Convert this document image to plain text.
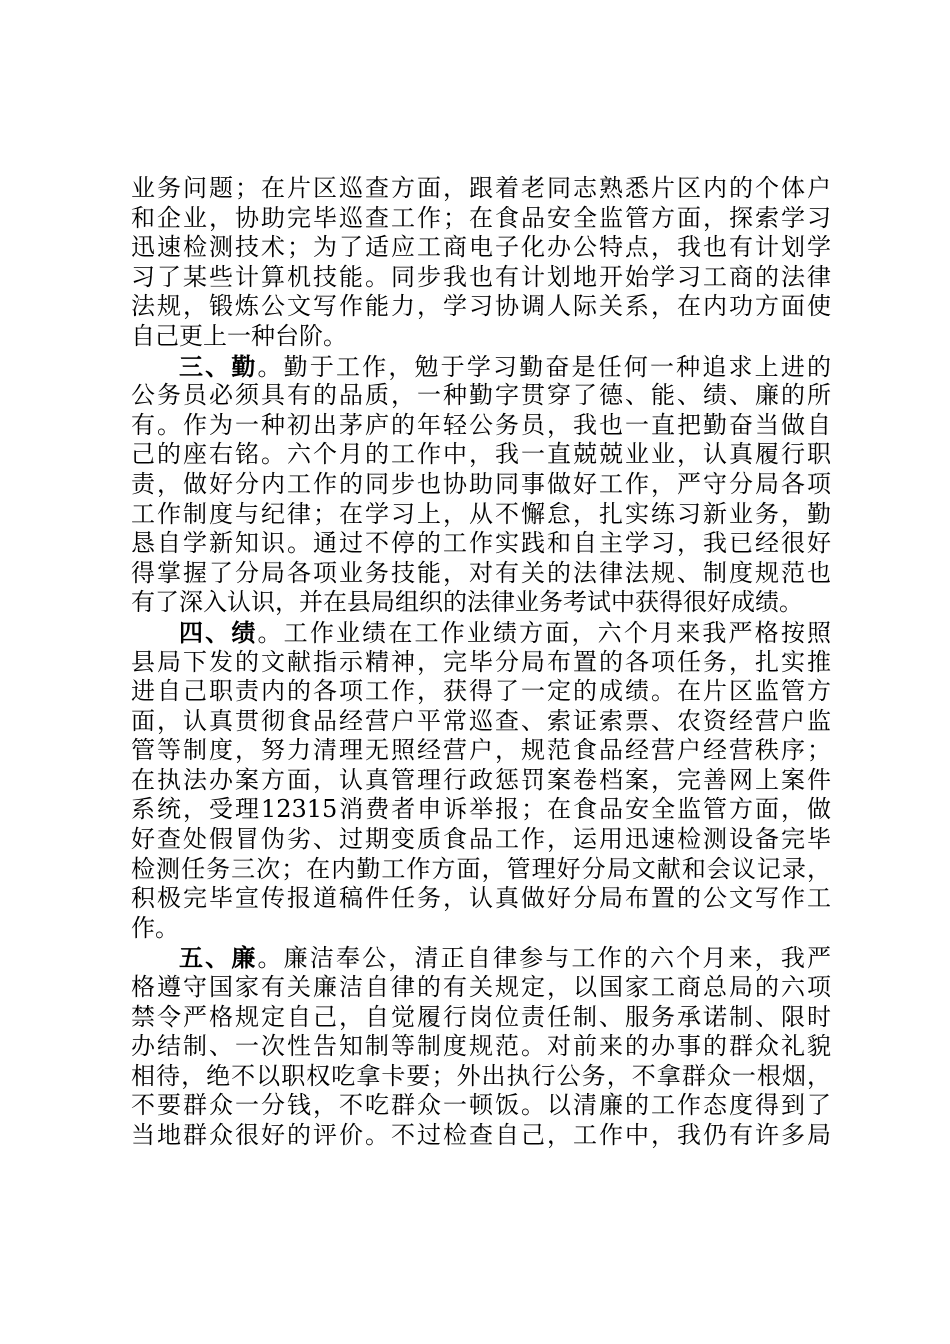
业务问题；在片区巡查方面，跟着老同志熟悉片区内的个体户
和企业，协助完毕巡查工作；在食品安全监管方面，探索学习
迅速检测技术；为了适应工商电子化办公特点，我也有计划学
习了某些计算机技能。同步我也有计划地开始学习工商的法律
法规，锻炼公文写作能力，学习协调人际关系，在内功方面使
自己更上一种台阶。
三、勤。勤于工作，勉于学习勤奋是任何一种追求上进的
公务员必须具有的品质，一种勤字贯穿了德、能、绩、廉的所
有。作为一种初出茅庐的年轻公务员，我也一直把勤奋当做自
己的座右铭。六个月的工作中，我一直兢兢业业，认真履行职
责，做好分内工作的同步也协助同事做好工作，严守分局各项
工作制度与纪律；在学习上，从不懈怠，扎实练习新业务，勤
恳自学新知识。通过不停的工作实践和自主学习，我已经很好
得掌握了分局各项业务技能，对有关的法律法规、制度规范也
有了深入认识，并在县局组织的法律业务考试中获得很好成绩。
四、绩。工作业绩在工作业绩方面，六个月来我严格按照
县局下发的文献指示精神，完毕分局布置的各项任务，扎实推
进自己职责内的各项工作，获得了一定的成绩。在片区监管方
面，认真贯彻食品经营户平常巡查、索证索票、农资经营户监
管等制度，努力清理无照经营户，规范食品经营户经营秩序；
在执法办案方面，认真管理行政惩罚案卷档案，完善网上案件
系统，受理12315消费者申诉举报；在食品安全监管方面，做
好查处假冒伪劣、过期变质食品工作，运用迅速检测设备完毕
检测任务三次；在内勤工作方面，管理好分局文献和会议记录，
积极完毕宣传报道稿件任务，认真做好分局布置的公文写作工
作。
五、廉。廉洁奉公，清正自律参与工作的六个月来，我严
格遵守国家有关廉洁自律的有关规定，以国家工商总局的六项
禁令严格规定自己，自觉履行岗位责任制、服务承诺制、限时
办结制、一次性告知制等制度规范。对前来的办事的群众礼貌
相待，绝不以职权吃拿卡要；外出执行公务，不拿群众一根烟，
不要群众一分钱，不吃群众一顿饭。以清廉的工作态度得到了
当地群众很好的评价。不过检查自己，工作中，我仍有许多局
